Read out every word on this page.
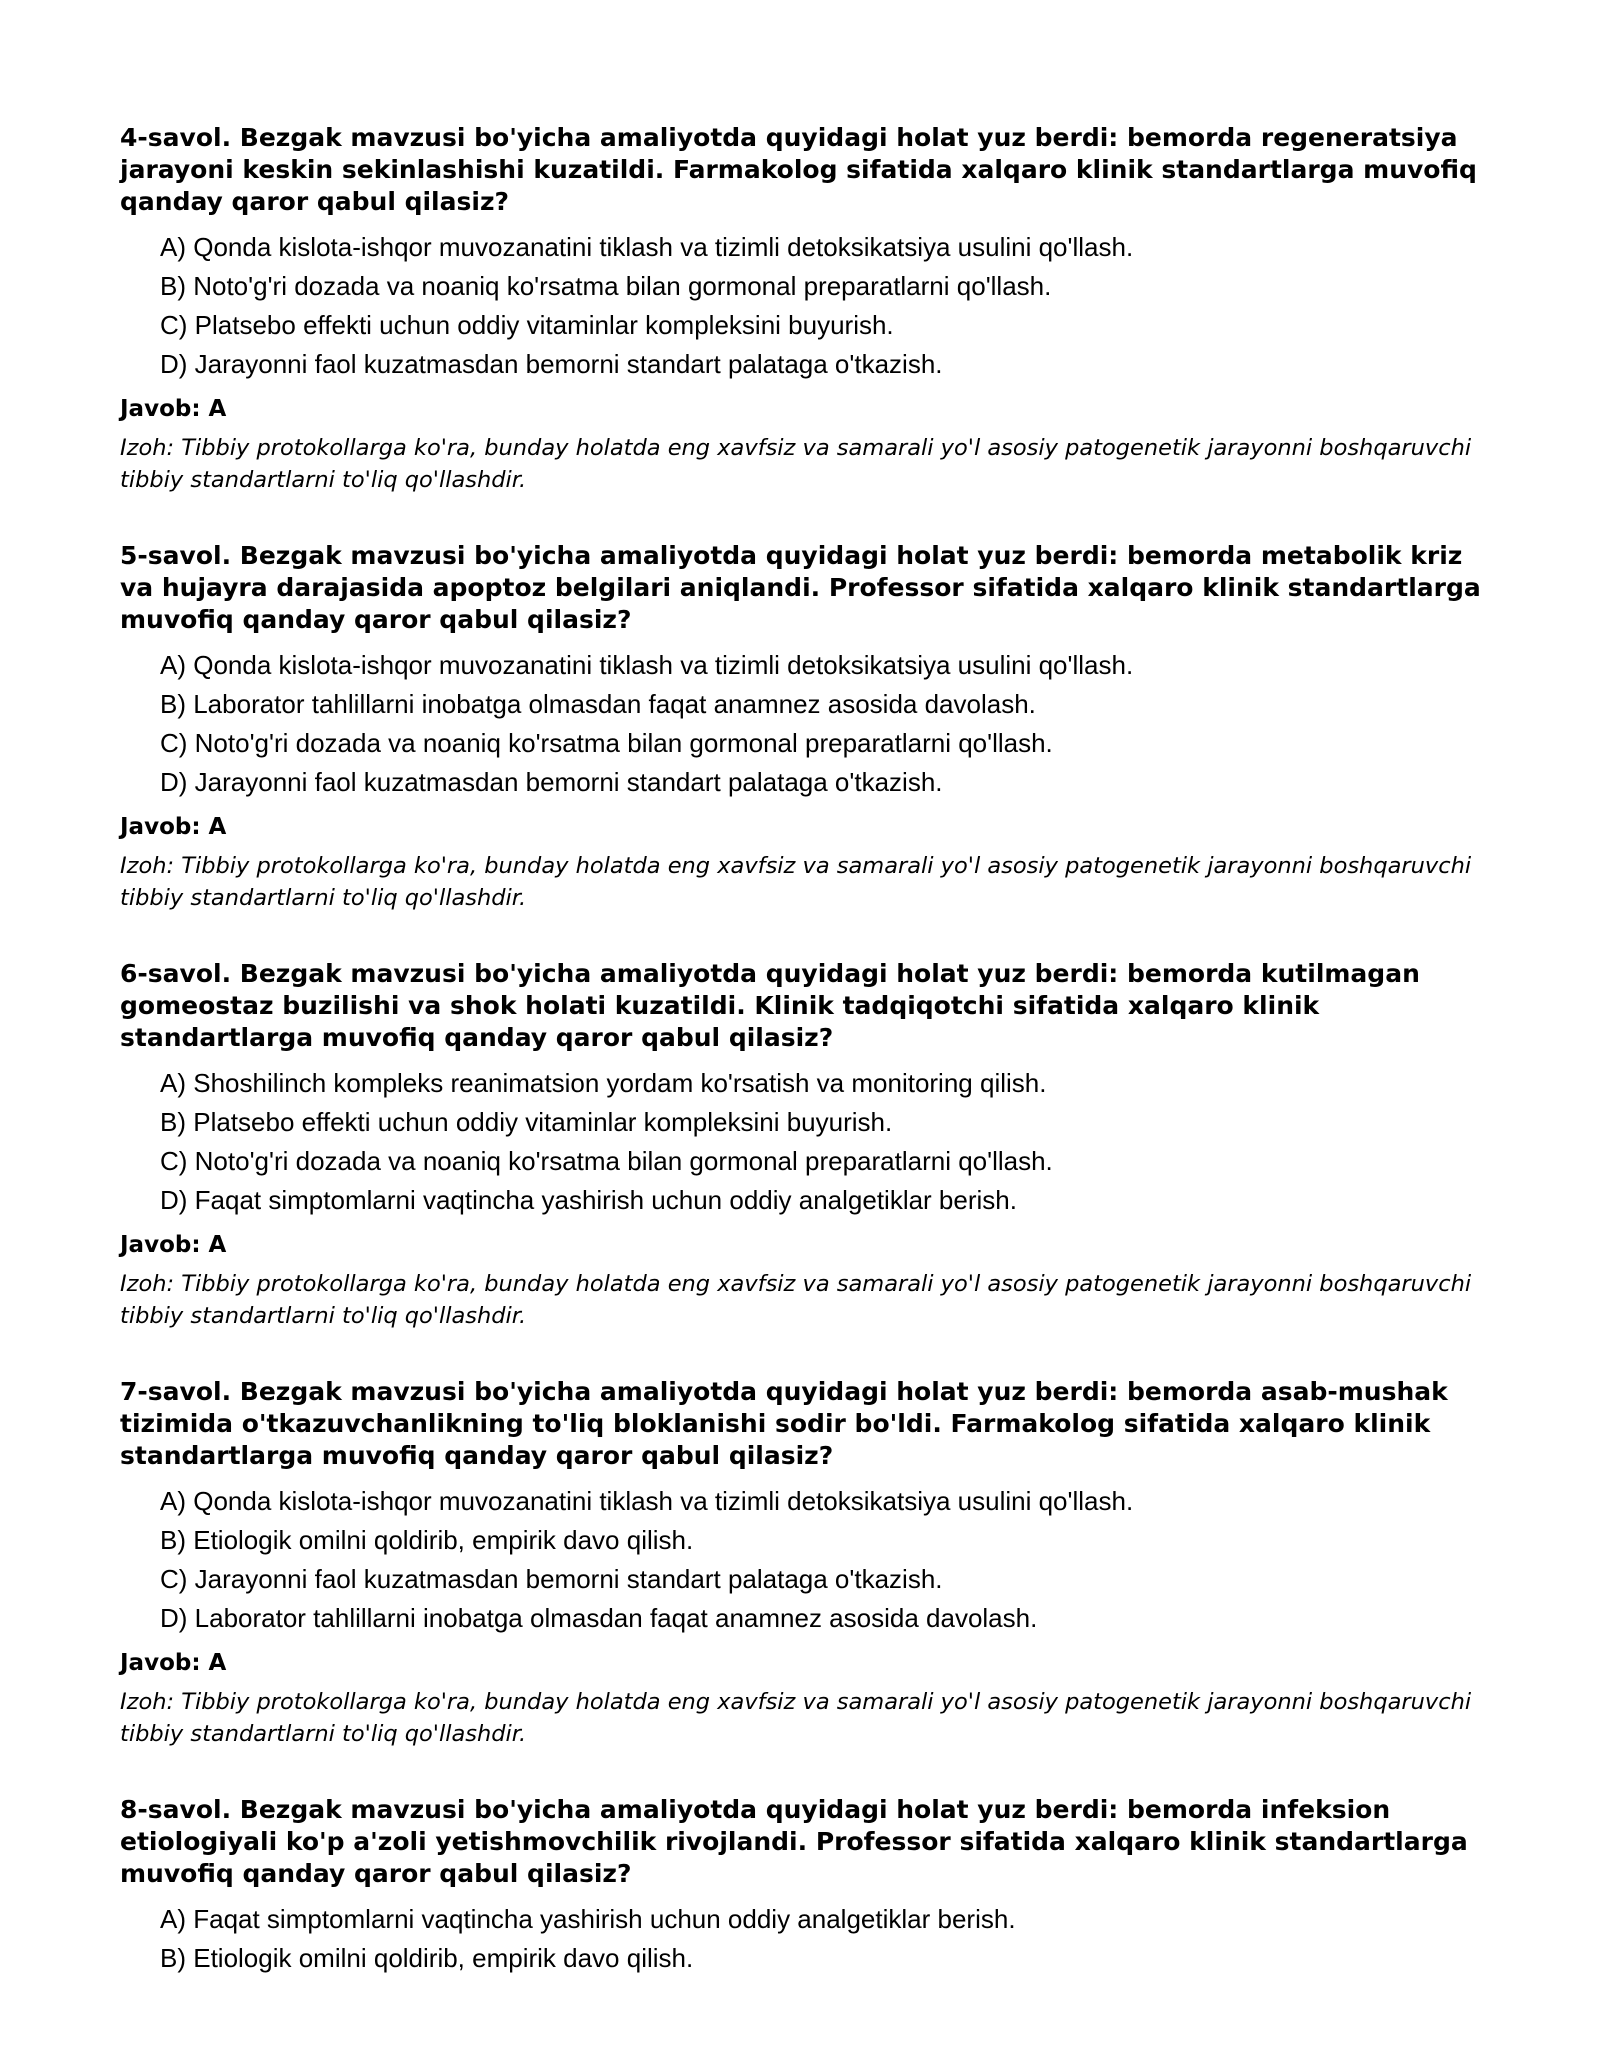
4-savol. Bezgak mavzusi bo'yicha amaliyotda quyidagi holat yuz berdi: bemorda regeneratsiya jarayoni keskin sekinlashishi kuzatildi. Farmakolog sifatida xalqaro klinik standartlarga muvofiq qanday qaror qabul qilasiz?
A) Qonda kislota-ishqor muvozanatini tiklash va tizimli detoksikatsiya usulini qo'llash.
B) Noto'g'ri dozada va noaniq ko'rsatma bilan gormonal preparatlarni qo'llash.
C) Platsebo effekti uchun oddiy vitaminlar kompleksini buyurish.
D) Jarayonni faol kuzatmasdan bemorni standart palataga o'tkazish.
Javob: A
Izoh: Tibbiy protokollarga ko'ra, bunday holatda eng xavfsiz va samarali yo'l asosiy patogenetik jarayonni boshqaruvchi tibbiy standartlarni to'liq qo'llashdir.
5-savol. Bezgak mavzusi bo'yicha amaliyotda quyidagi holat yuz berdi: bemorda metabolik kriz va hujayra darajasida apoptoz belgilari aniqlandi. Professor sifatida xalqaro klinik standartlarga muvofiq qanday qaror qabul qilasiz?
A) Qonda kislota-ishqor muvozanatini tiklash va tizimli detoksikatsiya usulini qo'llash.
B) Laborator tahlillarni inobatga olmasdan faqat anamnez asosida davolash.
C) Noto'g'ri dozada va noaniq ko'rsatma bilan gormonal preparatlarni qo'llash.
D) Jarayonni faol kuzatmasdan bemorni standart palataga o'tkazish.
Javob: A
Izoh: Tibbiy protokollarga ko'ra, bunday holatda eng xavfsiz va samarali yo'l asosiy patogenetik jarayonni boshqaruvchi tibbiy standartlarni to'liq qo'llashdir.
6-savol. Bezgak mavzusi bo'yicha amaliyotda quyidagi holat yuz berdi: bemorda kutilmagan gomeostaz buzilishi va shok holati kuzatildi. Klinik tadqiqotchi sifatida xalqaro klinik standartlarga muvofiq qanday qaror qabul qilasiz?
A) Shoshilinch kompleks reanimatsion yordam ko'rsatish va monitoring qilish.
B) Platsebo effekti uchun oddiy vitaminlar kompleksini buyurish.
C) Noto'g'ri dozada va noaniq ko'rsatma bilan gormonal preparatlarni qo'llash.
D) Faqat simptomlarni vaqtincha yashirish uchun oddiy analgetiklar berish.
Javob: A
Izoh: Tibbiy protokollarga ko'ra, bunday holatda eng xavfsiz va samarali yo'l asosiy patogenetik jarayonni boshqaruvchi tibbiy standartlarni to'liq qo'llashdir.
7-savol. Bezgak mavzusi bo'yicha amaliyotda quyidagi holat yuz berdi: bemorda asab-mushak tizimida o'tkazuvchanlikning to'liq bloklanishi sodir bo'ldi. Farmakolog sifatida xalqaro klinik standartlarga muvofiq qanday qaror qabul qilasiz?
A) Qonda kislota-ishqor muvozanatini tiklash va tizimli detoksikatsiya usulini qo'llash.
B) Etiologik omilni qoldirib, empirik davo qilish.
C) Jarayonni faol kuzatmasdan bemorni standart palataga o'tkazish.
D) Laborator tahlillarni inobatga olmasdan faqat anamnez asosida davolash.
Javob: A
Izoh: Tibbiy protokollarga ko'ra, bunday holatda eng xavfsiz va samarali yo'l asosiy patogenetik jarayonni boshqaruvchi tibbiy standartlarni to'liq qo'llashdir.
8-savol. Bezgak mavzusi bo'yicha amaliyotda quyidagi holat yuz berdi: bemorda infeksion etiologiyali ko'p a'zoli yetishmovchilik rivojlandi. Professor sifatida xalqaro klinik standartlarga muvofiq qanday qaror qabul qilasiz?
A) Faqat simptomlarni vaqtincha yashirish uchun oddiy analgetiklar berish.
B) Etiologik omilni qoldirib, empirik davo qilish.
